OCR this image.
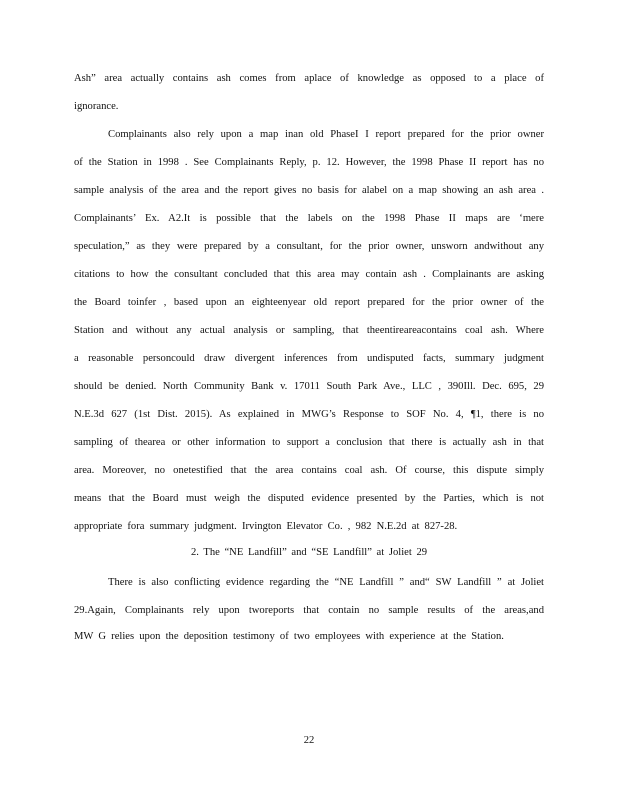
Ash” area actually contains ash comes from aplace of knowledge as opposed to a place of
ignorance.
Complainants also rely upon a map inan old PhaseI I report prepared for the prior owner
of the Station in 1998 . See Complainants Reply, p. 12. However, the 1998 Phase II report has no
sample analysis of the area and the report gives no basis for alabel on a map showing an ash area .
Complainants’ Ex. A2.It is possible that the labels on the 1998 Phase II maps are ‘mere
speculation,” as they were prepared by a consultant, for the prior owner, unsworn andwithout any
citations to how the consultant concluded that this area may contain ash . Complainants are asking
the Board toinfer , based upon an eighteenyear old report prepared for the prior owner of the
Station and without any actual analysis or sampling, that theentireareacontains coal ash. Where
a reasonable personcould draw divergent inferences from undisputed facts, summary judgment
should be denied. North Community Bank v. 17011 South Park Ave., LLC , 390Ill. Dec. 695, 29
N.E.3d 627 (1st Dist. 2015). As explained in MWG’s Response to SOF No. 4, ¶1, there is no
sampling of thearea or other information to support a conclusion that there is actually ash in that
area. Moreover, no onetestified that the area contains coal ash. Of course, this dispute simply
means that the Board must weigh the disputed evidence presented by the Parties, which is not
appropriate fora summary judgment. Irvington Elevator Co. , 982 N.E.2d at 827-28.
2. The “NE Landfill” and “SE Landfill” at Joliet 29
There is also conflicting evidence regarding the “NE Landfill ” and“ SW Landfill ” at Joliet
29.Again, Complainants rely upon tworeports that contain no sample results of the areas,and
MW G relies upon the deposition testimony of two employees with experience at the Station.
22
